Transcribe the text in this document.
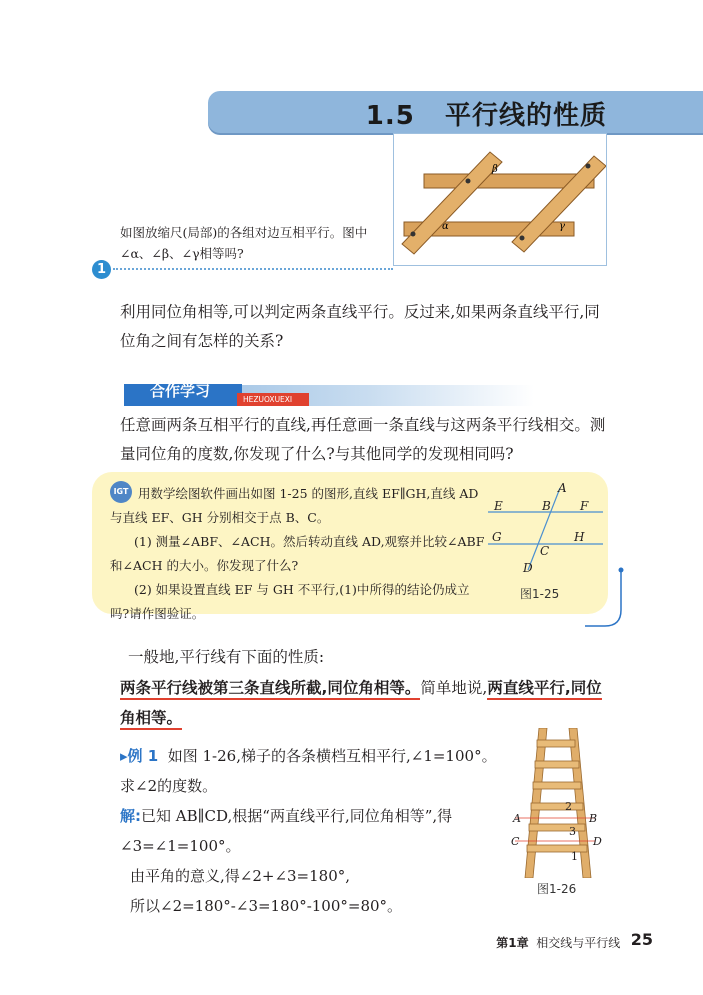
1.5 平行线的性质
β
α	γ
如图放缩尺(局部)的各组对边互相平行。图中∠α、∠β、∠γ相等吗?
1
利用同位角相等,可以判定两条直线平行。反过来,如果两条直线平行,同位角之间有怎样的关系?
合作学习	HEZUOXUEXI
任意画两条互相平行的直线,再任意画一条直线与这两条平行线相交。测量同位角的度数,你发现了什么?与其他同学的发现相同吗?
IGT 用数学绘图软件画出如图 1-25 的图形,直线 EF∥GH,直线 AD 与直线 EF、GH 分别相交于点 B、C。

(1) 测量∠ABF、∠ACH。然后转动直线 AD,观察并比较∠ABF 和∠ACH 的大小。你发现了什么?

(2) 如果设置直线 EF 与 GH 不平行,(1)中所得的结论仍成立吗?请作图验证。

A
B
C
D
E	F
G	H
图1-25
一般地,平行线有下面的性质:
两条平行线被第三条直线所截,同位角相等。简单地说,两直线平行,同位角相等。

▸例 1 如图 1-26,梯子的各条横档互相平行,∠1=100°。求∠2的度数。

解:已知 AB∥CD,根据“两直线平行,同位角相等”,得∠3=∠1=100°。

由平角的意义,得∠2+∠3=180°,

所以∠2=180°-∠3=180°-100°=80°。

A	B
C	D
2
3
1
图1-26
第1章 相交线与平行线 25
